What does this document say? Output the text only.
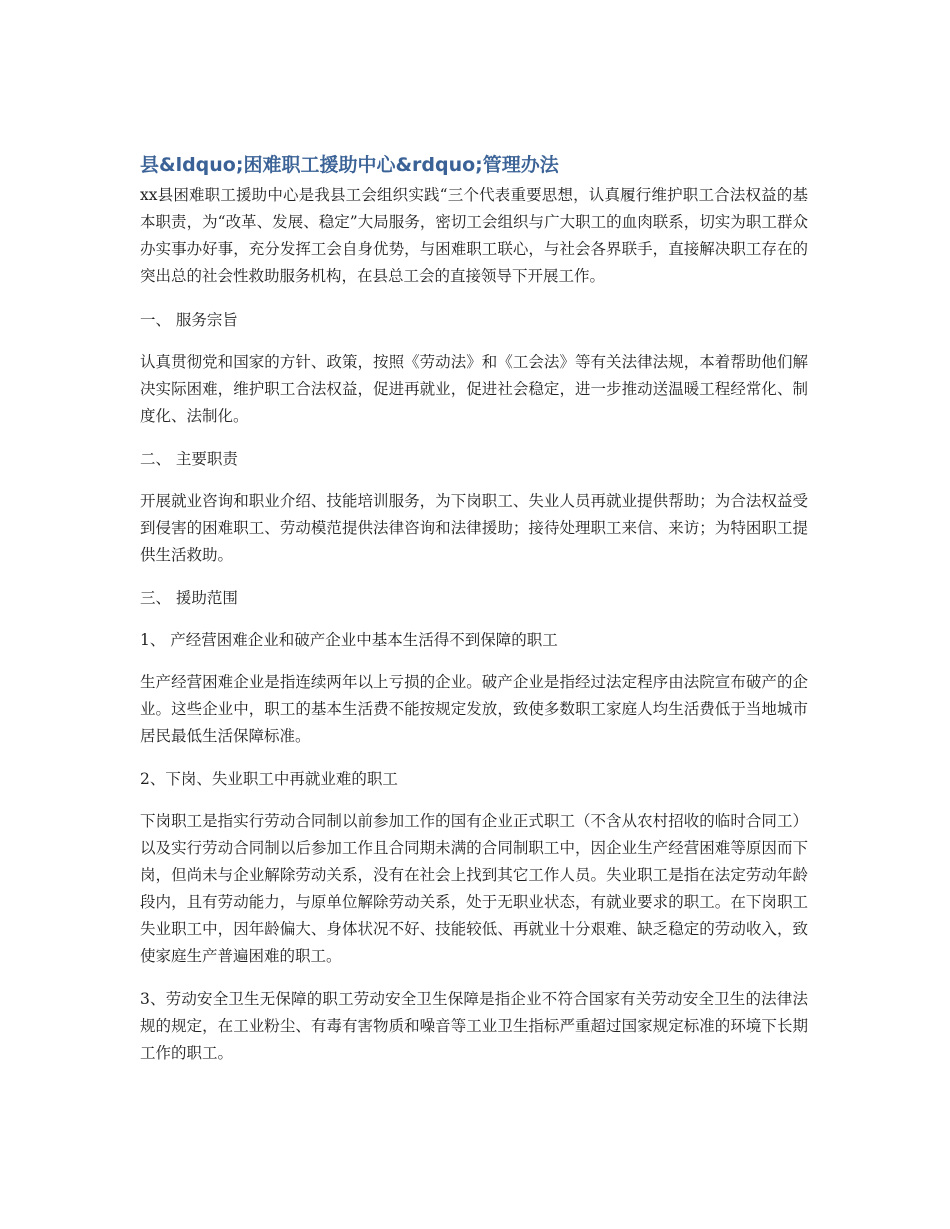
县&ldquo;困难职工援助中心&rdquo;管理办法

xx县困难职工援助中心是我县工会组织实践“三个代表重要思想，认真履行维护职工合法权益的基本职责，为“改革、发展、稳定”大局服务，密切工会组织与广大职工的血肉联系，切实为职工群众办实事办好事，充分发挥工会自身优势，与困难职工联心，与社会各界联手，直接解决职工存在的突出总的社会性救助服务机构，在县总工会的直接领导下开展工作。

一、 服务宗旨

认真贯彻党和国家的方针、政策，按照《劳动法》和《工会法》等有关法律法规，本着帮助他们解决实际困难，维护职工合法权益，促进再就业，促进社会稳定，进一步推动送温暖工程经常化、制度化、法制化。

二、 主要职责

开展就业咨询和职业介绍、技能培训服务，为下岗职工、失业人员再就业提供帮助；为合法权益受到侵害的困难职工、劳动模范提供法律咨询和法律援助；接待处理职工来信、来访；为特困职工提供生活救助。

三、 援助范围

1、 产经营困难企业和破产企业中基本生活得不到保障的职工

生产经营困难企业是指连续两年以上亏损的企业。破产企业是指经过法定程序由法院宣布破产的企业。这些企业中，职工的基本生活费不能按规定发放，致使多数职工家庭人均生活费低于当地城市居民最低生活保障标准。

2、下岗、失业职工中再就业难的职工

下岗职工是指实行劳动合同制以前参加工作的国有企业正式职工（不含从农村招收的临时合同工）以及实行劳动合同制以后参加工作且合同期未满的合同制职工中，因企业生产经营困难等原因而下岗，但尚未与企业解除劳动关系，没有在社会上找到其它工作人员。失业职工是指在法定劳动年龄段内，且有劳动能力，与原单位解除劳动关系，处于无职业状态，有就业要求的职工。在下岗职工失业职工中，因年龄偏大、身体状况不好、技能较低、再就业十分艰难、缺乏稳定的劳动收入，致使家庭生产普遍困难的职工。

3、劳动安全卫生无保障的职工劳动安全卫生保障是指企业不符合国家有关劳动安全卫生的法律法规的规定，在工业粉尘、有毒有害物质和噪音等工业卫生指标严重超过国家规定标准的环境下长期工作的职工。
